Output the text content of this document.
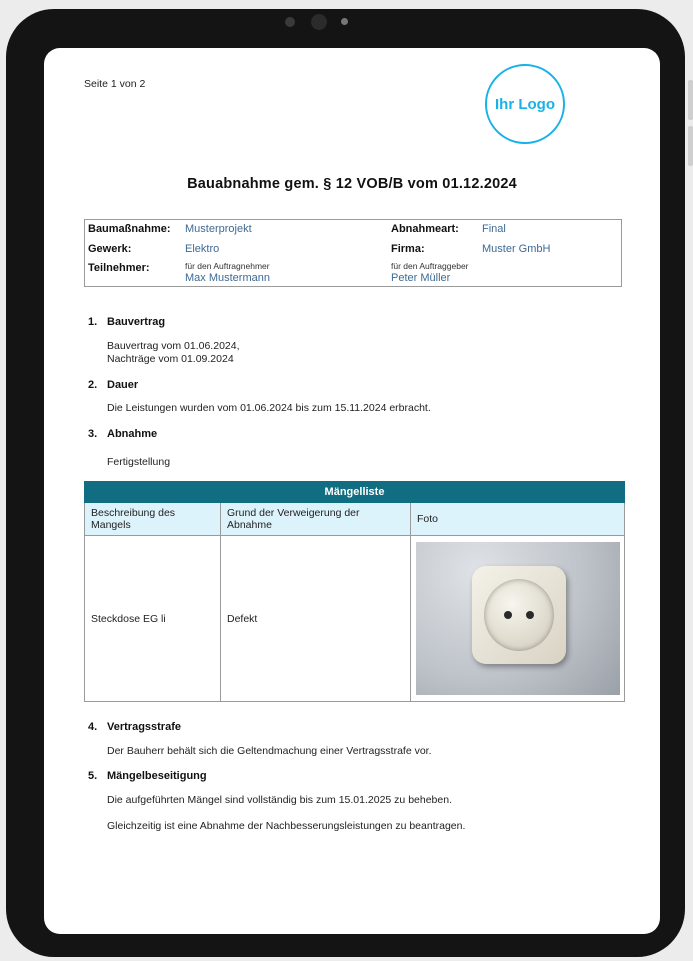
Seite 1 von 2
Ihr Logo
Bauabnahme gem. § 12 VOB/B vom 01.12.2024
Baumaßnahme: Musterprojekt	Abnahmeart: Final
Gewerk:	Elektro	Firma:	Muster GmbH
Teilnehmer:	für den Auftragnehmer
Max Mustermann
für den Auftraggeber
Peter Müller
1. Bauvertrag
Bauvertrag vom 01.06.2024,
Nachträge vom 01.09.2024
2. Dauer
Die Leistungen wurden vom 01.06.2024 bis zum 15.11.2024 erbracht.
3. Abnahme
Fertigstellung
Mängelliste		
Beschreibung des Mangels	Grund der Verweigerung der Abnahme	Foto
Steckdose EG li	Defekt	
4. Vertragsstrafe
Der Bauherr behält sich die Geltendmachung einer Vertragsstrafe vor.
5. Mängelbeseitigung
Die aufgeführten Mängel sind vollständig bis zum 15.01.2025 zu beheben.
Gleichzeitig ist eine Abnahme der Nachbesserungsleistungen zu beantragen.
